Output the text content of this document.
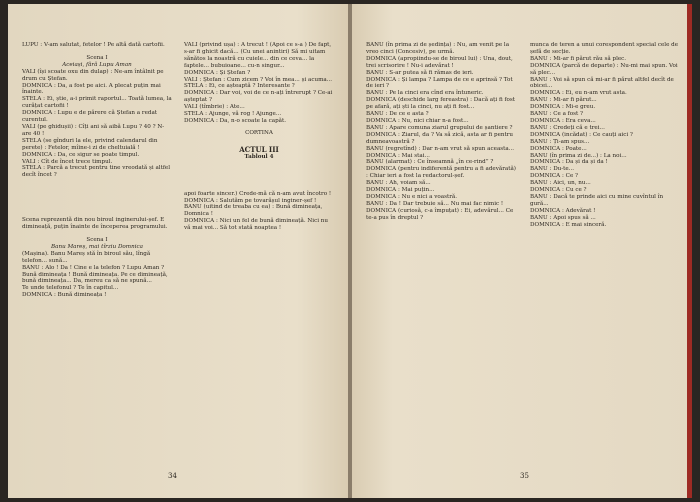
LUPU : V-am salutat, fetelor ! Pe altă dată cartofii.

Scena I

Aceiași, fără Lupu Aman

VALI (își scoate oxu din dulap) : Ne-am întâlnit pe drum cu Ștefan.

DOMNICA : Da, a fost pe aici. A plecat puțin mai înainte.

STELA : Ei, știe, a-i primit raportul... Toată lumea, la curățat cartofii !

DOMNICA : Lupu e de părere că Ștefan a redat curentul.

VALI (pe ghidușii) : Cîți ani să aibă Lupu ? 40 ? N-are 40 !

STELA (se gînduri la ele, privind calendarul din perete) : Fetelor, mîine-i zi de cheltuială !

DOMNICA : Da, ce sigur se poate timpul.

VALI : Cît de încet trece timpul.

STELA : Parcă a trecut pentru tine vreodată și altfel decît încet ?

Scena reprezentă din nou biroul inginerului-șef. E dimineață, puțin înainte de începerea programului.

Scena I

Banu Mareș, mai tîrziu Domnica

(Mașina). Banu Mareș stă în biroul său, lîngă telefon... sună...

BANU : Alo ! Da ! Cine e la telefon ? Lupu Aman ? Bună dimineața ! Bună dimineața. Pe ce dimineață, bună dimineața... Da, mereu ca să ne spună...

Te unde telefonul ? Te în capitul...

DOMNICA : Bună dimineața !

VALI (privind ușa) : A trecut ! (Apoi ce s-a ) De fapt, s-ar fi ghicit dacă... (Cu unei anintiri) Să mi uitam sănătos la noastră cu cuiele... din ce ceva... la faptele... bubuioane... cu-n singur...

DOMNICA : Și Ștefan ?

VALI : Ștefan : Cum zicem ? Voi în mea... și acuma...

STELA : Ei, ce așteaptă ? Interesante ?

DOMNICA : Dar voi, voi de ce n-ați întrerupt ? Ce-ai așteptat ?

VALI (tîmbrie) : Ate...

STELA : Ajunge, vă rog ! Ajunge...

DOMNICA : Da, n-o scoate la capăt.

CORTINA

ACTUL III

Tabloul 4

apoi foarte sincer.) Crede-mă că n-am avut încotro !

DOMNICA : Salutăm pe tovarășul inginer-șef !

BANU (uitind de treaba cu ea) : Bună dimineața, Domnica !

DOMNICA : Nici un fel de bună dimineață. Nici nu vă mai voi... Să tot stată noaptea !

34

BANU (în prima zi de ședința) : Nu, am venit pe la vreo cinci (Concesiv), pe urmă.

DOMNICA (apropiindu-se de biroul lui) : Una, dout, trei scrisorire ! Nu-i adevărat !

BANU : S-ar putea să fi rămas de ieri.

DOMNICA : Și lampa ? Lampa de ce e aprinsă ? Tot de ieri ?

BANU : Pe la cinci era cînd era întuneric.

DOMNICA (deschide larg fereastra) : Dacă ați fi fost pe afară, ați ști la cinci, nu ați fi fost...

BANU : De ce e asta ?

DOMNICA : Nu, nici chiar n-a fost...

BANU : Apare comuna ziarul grupului de șantiere ?

DOMNICA : Ziarul, da ? Va să zică, asta ar fi pentru dumneavoastră ?

BANU (regretînd) : Dar n-am vrut să spun aceasta...

DOMNICA : Mai stai...

BANU (alarmat) : Ce înseamnă „în ce-rind” ?

DOMNICA (pentru indiferentă pentru a fi adevărată) : Chiar ieri a fost la redactorul-șef.

BANU : Ah, voiam să...

DOMNICA : Mai puțin...

DOMNICA : Nu e nici a voastră.

BANU : Da ! Dar trebuie să... Nu mai fac nimic !

DOMNICA (curiosă, c-a împuțat) : Ei, adevărul... Ce te-a pus în dreptul ?

munca de teren a unui corespondent special cele de șefă de secție.

BANU : Mi-ar fi părut rău să plec.

DOMNICA (parcă de departe) : Nu-mi mai spun. Voi să plec...

BANU : Voi să spun că mi-ar fi părut altfel decît de obicei...

DOMNICA : Ei, eu n-am vrut asta.

BANU : Mi-ar fi părut...

DOMNICA : Mi-e greu.

BANU : Ce a fost ?

DOMNICA : Era ceva...

BANU : Credeți că e trei...

DOMNICA (incădat) : Ce cauți aici ?

BANU : Ți-am spus...

DOMNICA : Poate...

BANU (în prima zi de...) : La noi...

DOMNICA : Da și da și da !

BANU : Du-te...

DOMNICA : Ce ?

BANU : Aici, un, nu...

DOMNICA : Cu ce ?

BANU : Dacă te prinde aici cu mine cuvîntul în gură...

DOMNICA : Adevărat !

BANU : Apoi spus să ...

DOMNICA : E mai sinceră.

35
